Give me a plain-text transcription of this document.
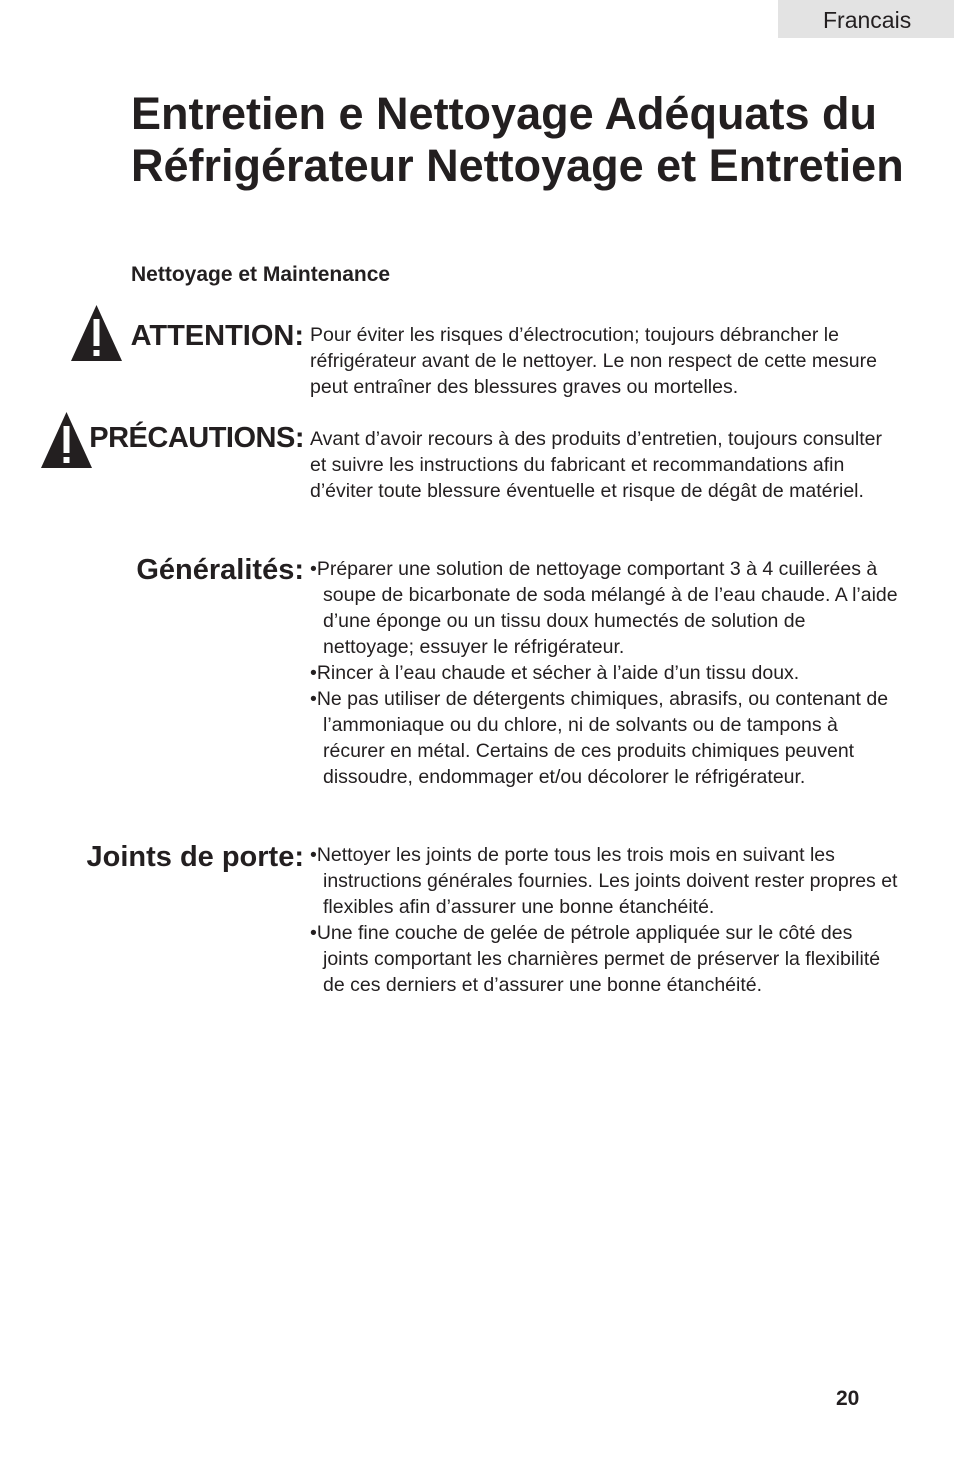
Francais
Entretien e Nettoyage Adéquats du Réfrigérateur Nettoyage et Entretien
Nettoyage et Maintenance
ATTENTION: Pour éviter les risques d’électrocution; toujours débrancher le réfrigérateur avant de le nettoyer. Le non respect de cette mesure peut entraîner des blessures graves ou mortelles.

PRÉCAUTIONS: Avant d’avoir recours à des produits d’entretien, toujours consulter et suivre les instructions du fabricant et recommandations afin d’éviter toute blessure éventuelle et risque de dégât de matériel.

Généralités: • Préparer une solution de nettoyage comportant 3 à 4 cuillerées à soupe de bicarbonate de soda mélangé à de l’eau chaude. A l’aide d’une éponge ou un tissu doux humectés de solution de nettoyage; essuyer le réfrigérateur.
• Rincer à l’eau chaude et sécher à l’aide d’un tissu doux.
• Ne pas utiliser de détergents chimiques, abrasifs, ou contenant de l’ammoniaque ou du chlore, ni de solvants ou de tampons à récurer en métal. Certains de ces produits chimiques peuvent dissoudre, endommager et/ou décolorer le réfrigérateur.
Joints de porte: • Nettoyer les joints de porte tous les trois mois en suivant les instructions générales fournies. Les joints doivent rester propres et flexibles afin d’assurer une bonne étanchéité.
• Une fine couche de gelée de pétrole appliquée sur le côté des joints comportant les charnières permet de préserver la flexibilité de ces derniers et d’assurer une bonne étanchéité.
20
